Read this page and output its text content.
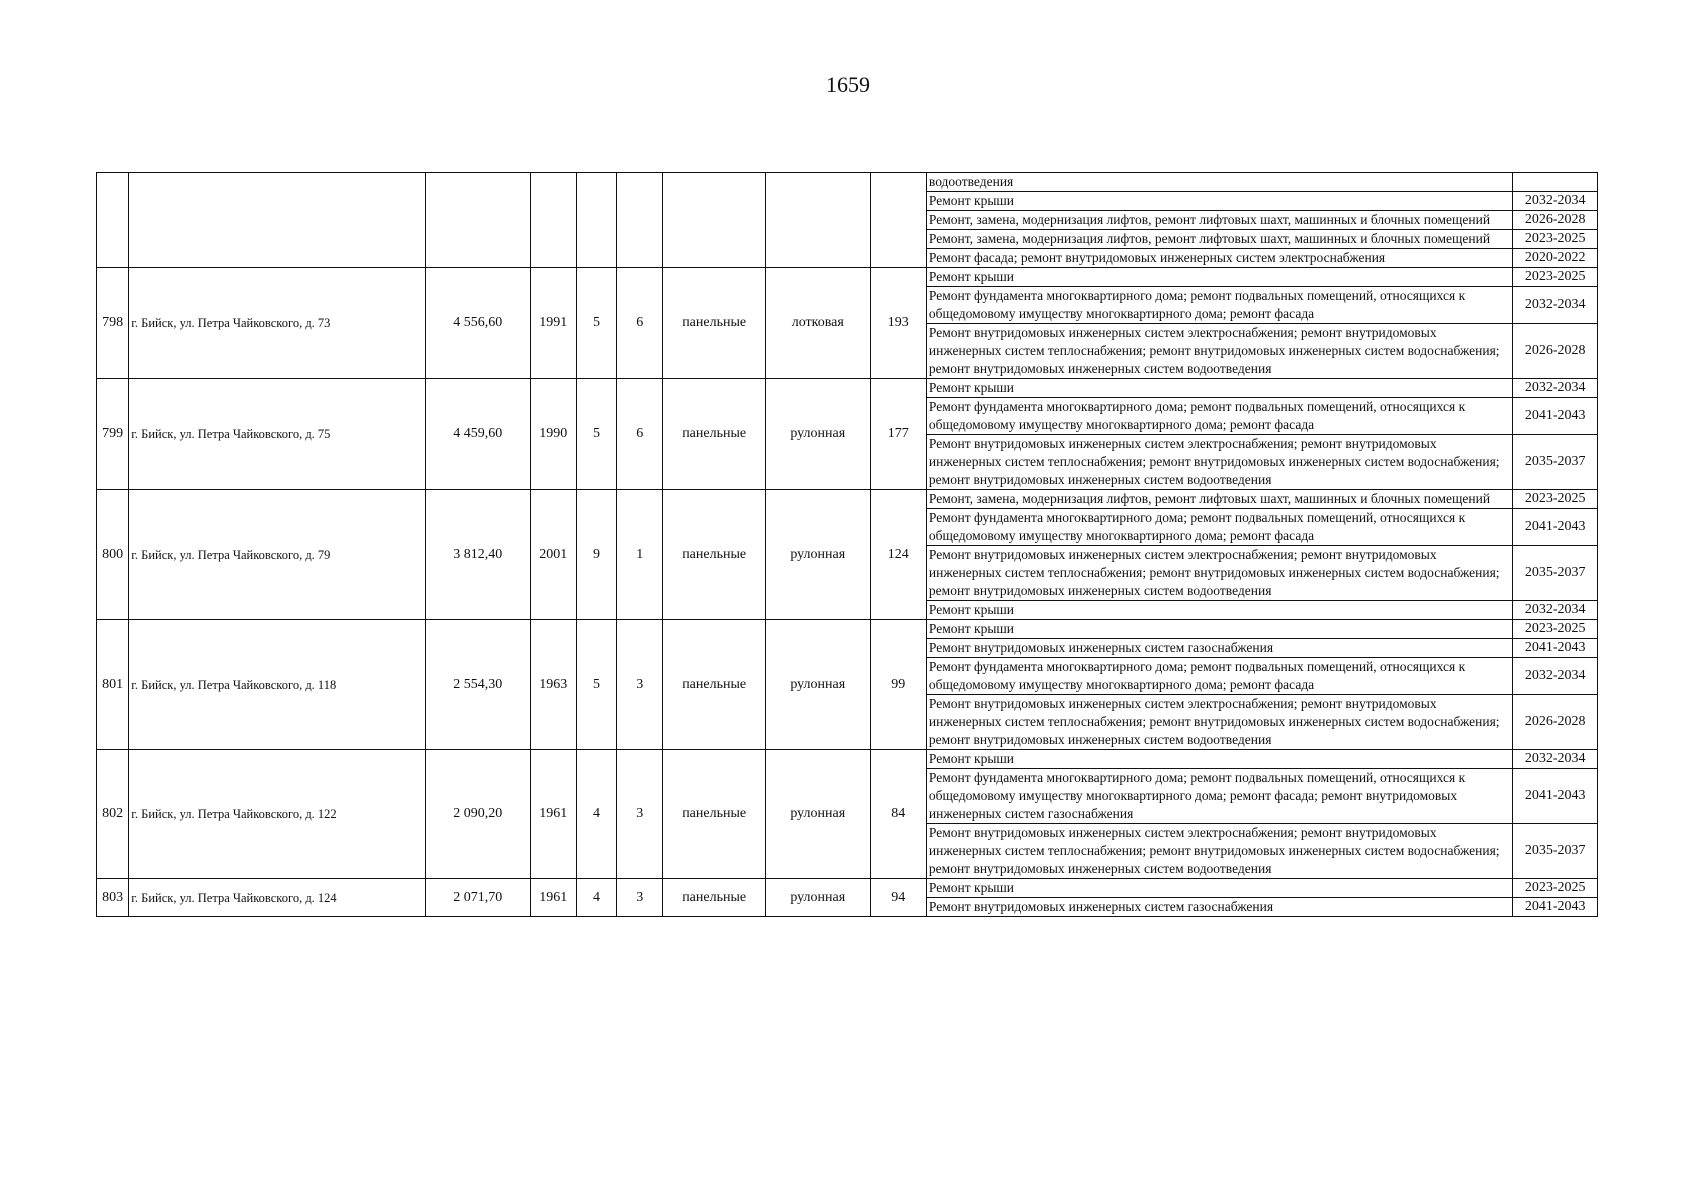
1659
									водоотведения	
									Ремонт крыши	2032-2034
									Ремонт, замена, модернизация лифтов, ремонт лифтовых шахт, машинных и блочных помещений	2026-2028
									Ремонт, замена, модернизация лифтов, ремонт лифтовых шахт, машинных и блочных помещений	2023-2025
									Ремонт фасада; ремонт внутридомовых инженерных систем электроснабжения	2020-2022
798	г. Бийск, ул. Петра Чайковского, д. 73	4 556,60	1991	5	6	панельные	лотковая	193	Ремонт крыши	2023-2025
									Ремонт фундамента многоквартирного дома; ремонт подвальных помещений, относящихся к общедомовому имуществу многоквартирного дома; ремонт фасада	2032-2034
									Ремонт внутридомовых инженерных систем электроснабжения; ремонт внутридомовых инженерных систем теплоснабжения; ремонт внутридомовых инженерных систем водоснабжения; ремонт внутридомовых инженерных систем водоотведения	2026-2028
799	г. Бийск, ул. Петра Чайковского, д. 75	4 459,60	1990	5	6	панельные	рулонная	177	Ремонт крыши	2032-2034
									Ремонт фундамента многоквартирного дома; ремонт подвальных помещений, относящихся к общедомовому имуществу многоквартирного дома; ремонт фасада	2041-2043
									Ремонт внутридомовых инженерных систем электроснабжения; ремонт внутридомовых инженерных систем теплоснабжения; ремонт внутридомовых инженерных систем водоснабжения; ремонт внутридомовых инженерных систем водоотведения	2035-2037
800	г. Бийск, ул. Петра Чайковского, д. 79	3 812,40	2001	9	1	панельные	рулонная	124	Ремонт, замена, модернизация лифтов, ремонт лифтовых шахт, машинных и блочных помещений	2023-2025
									Ремонт фундамента многоквартирного дома; ремонт подвальных помещений, относящихся к общедомовому имуществу многоквартирного дома; ремонт фасада	2041-2043
									Ремонт внутридомовых инженерных систем электроснабжения; ремонт внутридомовых инженерных систем теплоснабжения; ремонт внутридомовых инженерных систем водоснабжения; ремонт внутридомовых инженерных систем водоотведения	2035-2037
									Ремонт крыши	2032-2034
801	г. Бийск, ул. Петра Чайковского, д. 118	2 554,30	1963	5	3	панельные	рулонная	99	Ремонт крыши	2023-2025
									Ремонт внутридомовых инженерных систем газоснабжения	2041-2043
									Ремонт фундамента многоквартирного дома; ремонт подвальных помещений, относящихся к общедомовому имуществу многоквартирного дома; ремонт фасада	2032-2034
									Ремонт внутридомовых инженерных систем электроснабжения; ремонт внутридомовых инженерных систем теплоснабжения; ремонт внутридомовых инженерных систем водоснабжения; ремонт внутридомовых инженерных систем водоотведения	2026-2028
802	г. Бийск, ул. Петра Чайковского, д. 122	2 090,20	1961	4	3	панельные	рулонная	84	Ремонт крыши	2032-2034
									Ремонт фундамента многоквартирного дома; ремонт подвальных помещений, относящихся к общедомовому имуществу многоквартирного дома; ремонт фасада; ремонт внутридомовых инженерных систем газоснабжения	2041-2043
									Ремонт внутридомовых инженерных систем электроснабжения; ремонт внутридомовых инженерных систем теплоснабжения; ремонт внутридомовых инженерных систем водоснабжения; ремонт внутридомовых инженерных систем водоотведения	2035-2037
803	г. Бийск, ул. Петра Чайковского, д. 124	2 071,70	1961	4	3	панельные	рулонная	94	Ремонт крыши	2023-2025
									Ремонт внутридомовых инженерных систем газоснабжения	2041-2043
